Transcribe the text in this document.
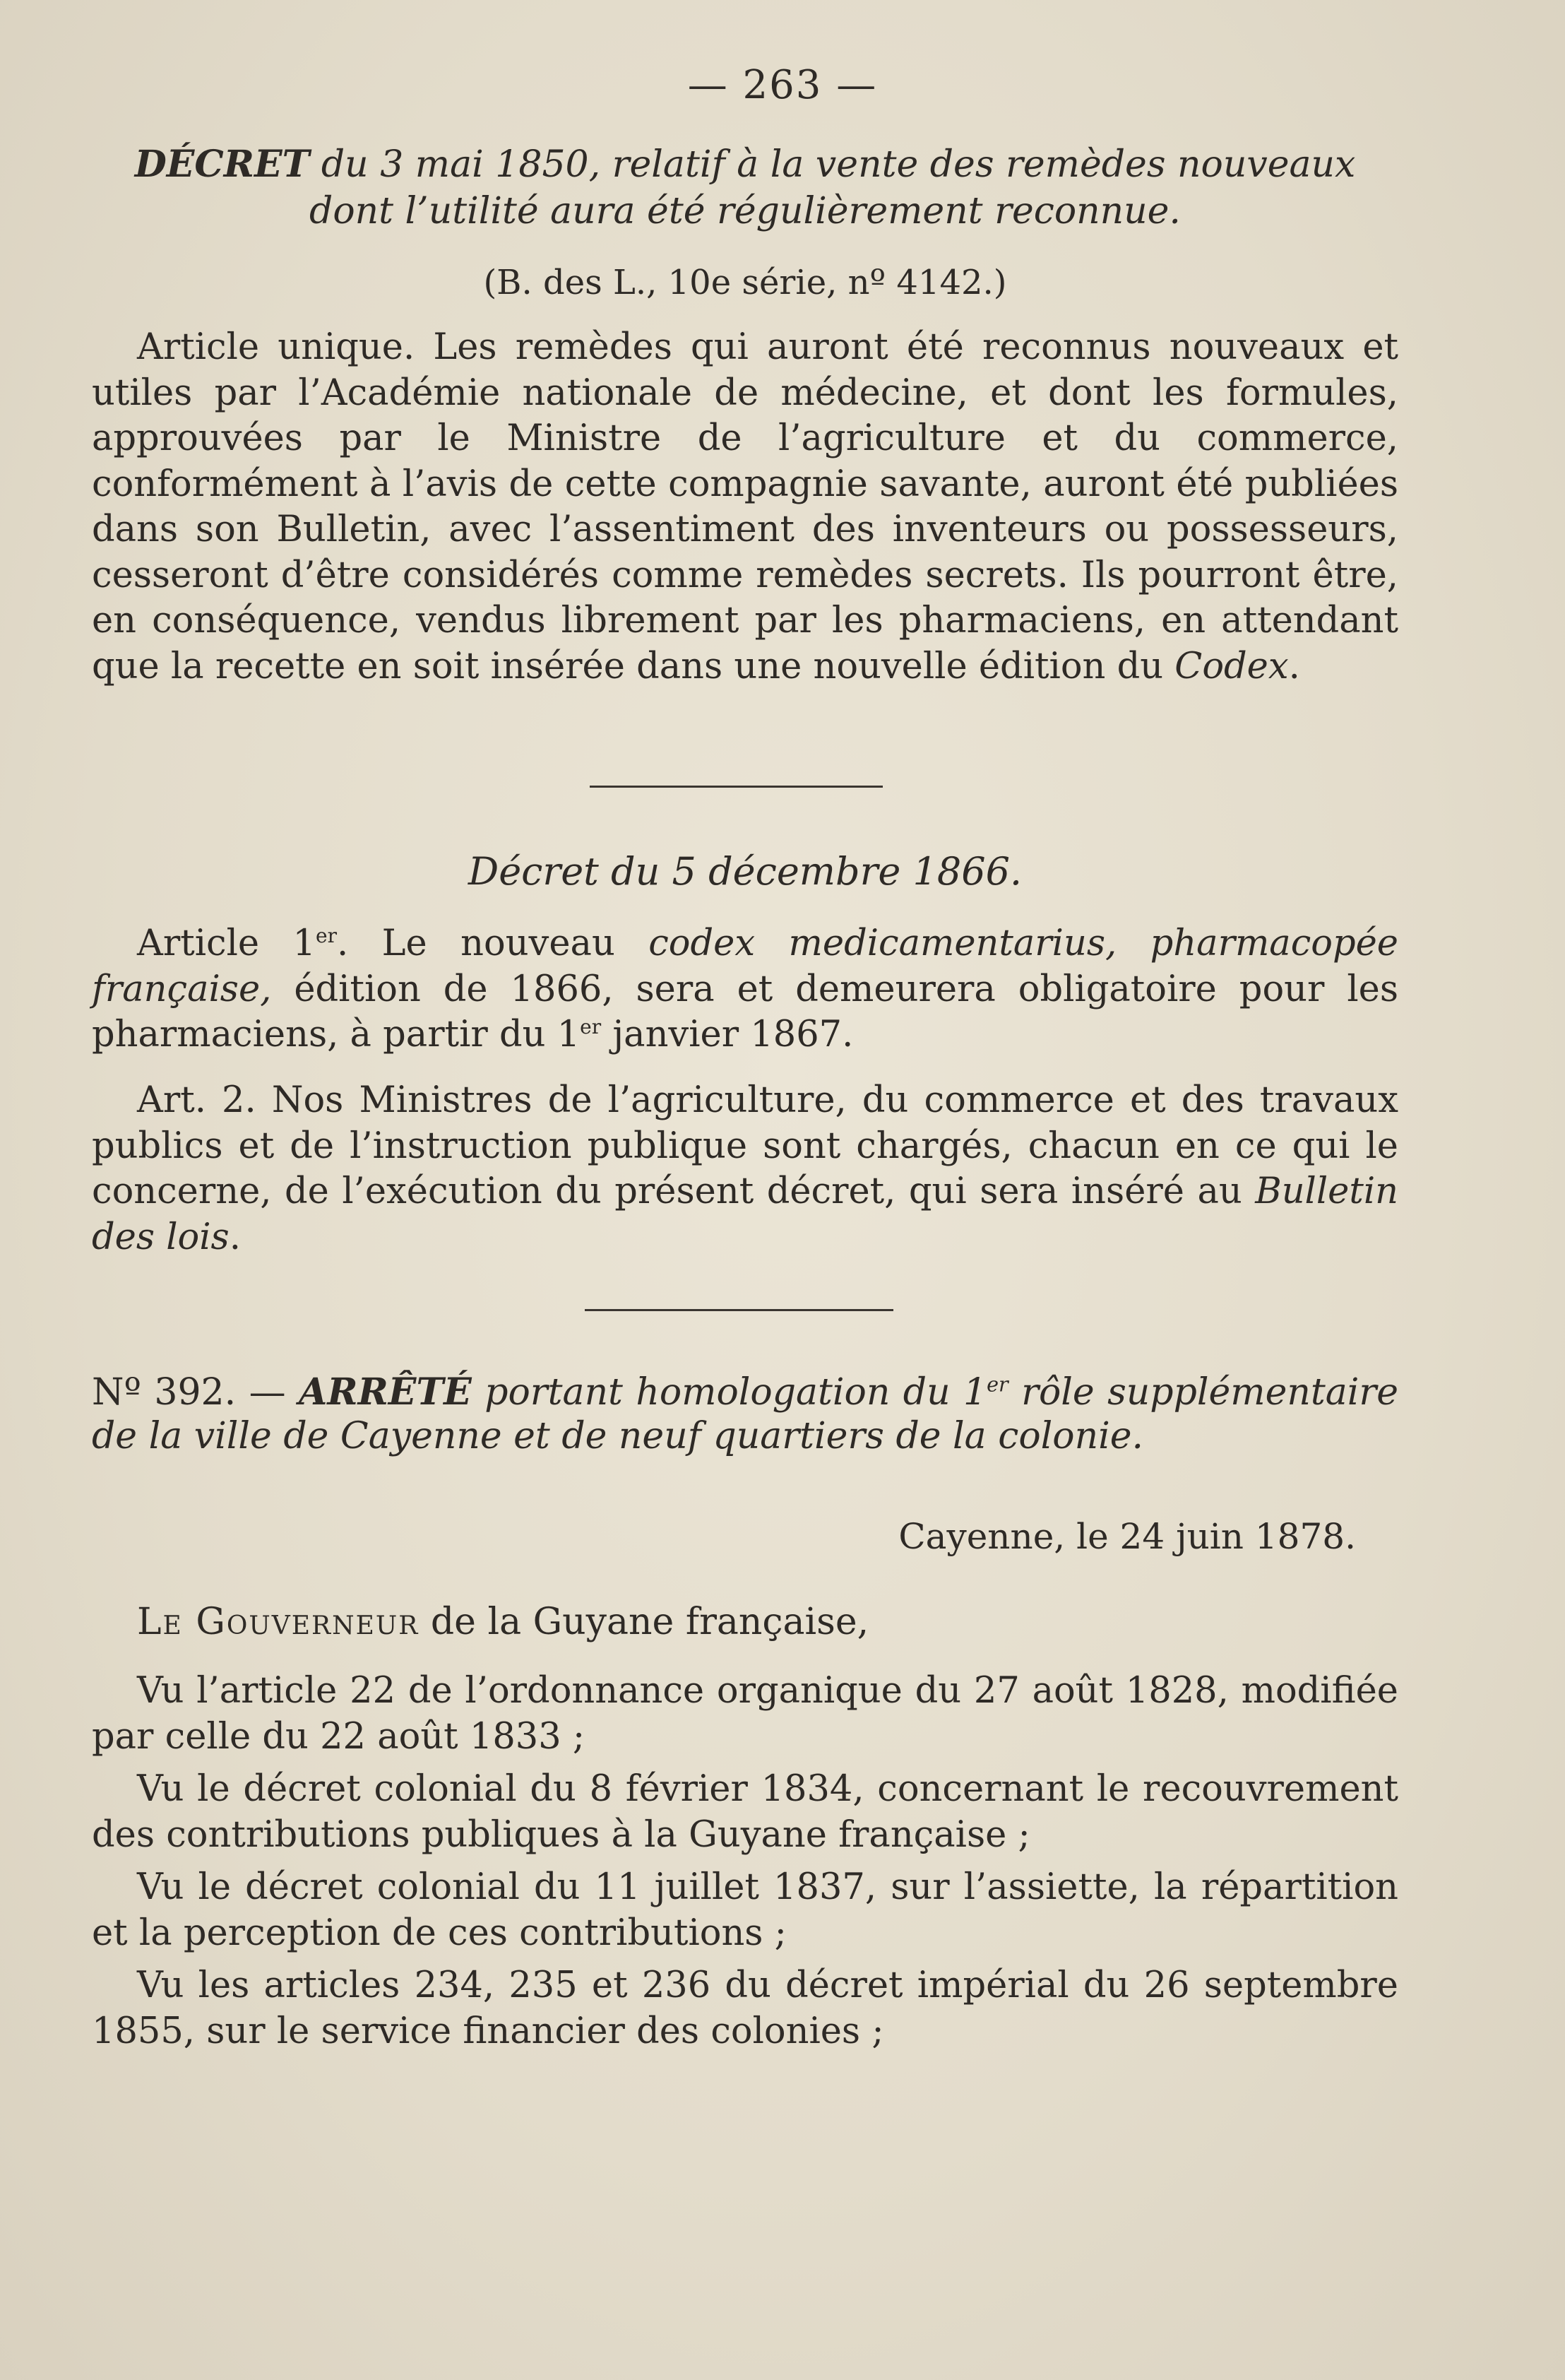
— 263 —
DÉCRET du 3 mai 1850, relatif à la vente des remèdes nouveaux dont l’utilité aura été régulièrement reconnue.
(B. des L., 10e série, nº 4142.)

Article unique. Les remèdes qui auront été reconnus nouveaux et utiles par l’Académie nationale de médecine, et dont les formules, approuvées par le Ministre de l’agriculture et du commerce, conformément à l’avis de cette compagnie savante, auront été publiées dans son Bulletin, avec l’assentiment des inventeurs ou possesseurs, cesseront d’être considérés comme remèdes secrets. Ils pourront être, en conséquence, vendus librement par les pharmaciens, en attendant que la recette en soit insérée dans une nouvelle édition du Codex.

Décret du 5 décembre 1866.

Article 1er. Le nouveau codex medicamentarius, pharmacopée française, édition de 1866, sera et demeurera obligatoire pour les pharmaciens, à partir du 1er janvier 1867.

Art. 2. Nos Ministres de l’agriculture, du commerce et des travaux publics et de l’instruction publique sont chargés, chacun en ce qui le concerne, de l’exécution du présent décret, qui sera inséré au Bulletin des lois.

Nº 392. — ARRÊTÉ portant homologation du 1er rôle supplémentaire de la ville de Cayenne et de neuf quartiers de la colonie.

Cayenne, le 24 juin 1878.

Le Gouverneur de la Guyane française,

Vu l’article 22 de l’ordonnance organique du 27 août 1828, modifiée par celle du 22 août 1833 ;

Vu le décret colonial du 8 février 1834, concernant le recouvrement des contributions publiques à la Guyane française ;

Vu le décret colonial du 11 juillet 1837, sur l’assiette, la répartition et la perception de ces contributions ;

Vu les articles 234, 235 et 236 du décret impérial du 26 septembre 1855, sur le service financier des colonies ;
